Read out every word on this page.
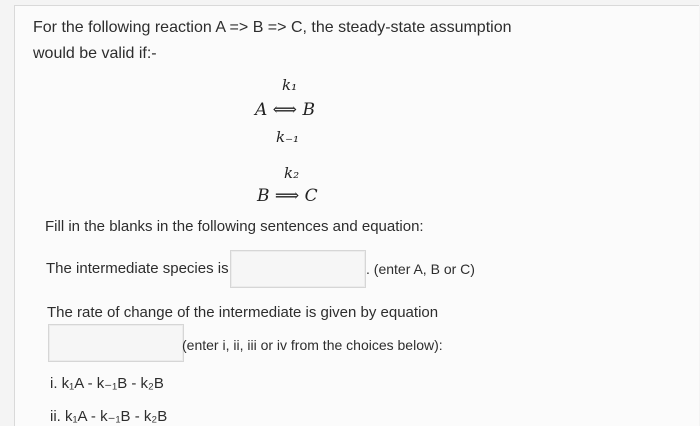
For the following reaction A => B => C, the steady-state assumption
would be valid if:-
k₁
A ⟺ B
k₋₁
k₂
B ⟹ C
Fill in the blanks in the following sentences and equation:
The intermediate species is	. (enter A, B or C)
The rate of change of the intermediate is given by equation
(enter i, ii, iii or iv from the choices below):
i. k₁A - k₋₁B - k₂B
ii. k₁A - k₋₁B - k₂B
